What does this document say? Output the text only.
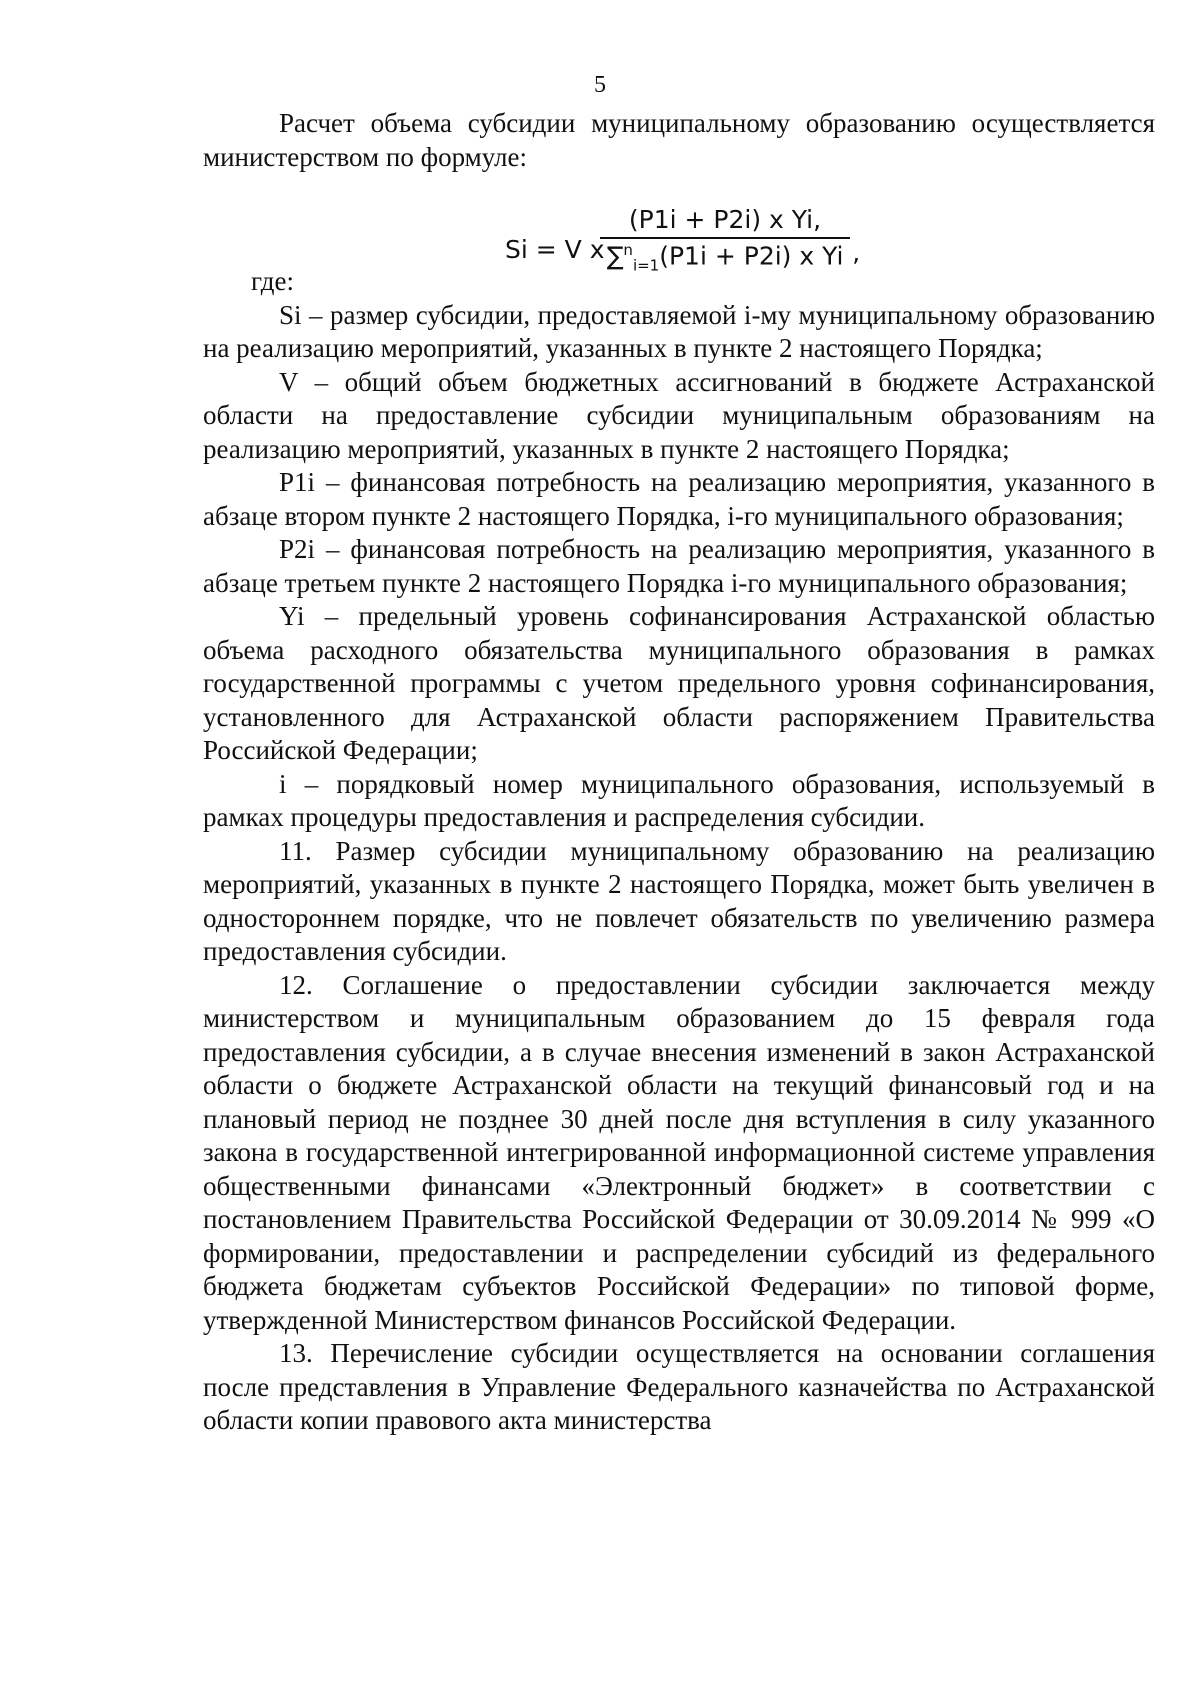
5

Расчет объема субсидии муниципальному образованию осуществляется министерством по формуле:

Si = V x
(P1i + P2i) x Yi,
∑$^n_{i=1}$(P1i + P2i) x Yi ’

где:

Si – размер субсидии, предоставляемой i-му муниципальному образованию на реализацию мероприятий, указанных в пункте 2 настоящего Порядка;

V – общий объем бюджетных ассигнований в бюджете Астраханской области на предоставление субсидии муниципальным образованиям на реализацию мероприятий, указанных в пункте 2 настоящего Порядка;

P1i – финансовая потребность на реализацию мероприятия, указанного в абзаце втором пункте 2 настоящего Порядка, i-го муниципального образования;

P2i – финансовая потребность на реализацию мероприятия, указанного в абзаце третьем пункте 2 настоящего Порядка i-го муниципального образования;

Yi – предельный уровень софинансирования Астраханской областью объема расходного обязательства муниципального образования в рамках государственной программы с учетом предельного уровня софинансирования, установленного для Астраханской области распоряжением Правительства Российской Федерации;

i – порядковый номер муниципального образования, используемый в рамках процедуры предоставления и распределения субсидии.

11. Размер субсидии муниципальному образованию на реализацию мероприятий, указанных в пункте 2 настоящего Порядка, может быть увеличен в одностороннем порядке, что не повлечет обязательств по увеличению размера предоставления субсидии.

12. Соглашение о предоставлении субсидии заключается между министерством и муниципальным образованием до 15 февраля года предоставления субсидии, а в случае внесения изменений в закон Астраханской области о бюджете Астраханской области на текущий финансовый год и на плановый период не позднее 30 дней после дня вступления в силу указанного закона в государственной интегрированной информационной системе управления общественными финансами «Электронный бюджет» в соответствии с постановлением Правительства Российской Федерации от 30.09.2014 № 999 «О формировании, предоставлении и распределении субсидий из федерального бюджета бюджетам субъектов Российской Федерации» по типовой форме, утвержденной Министерством финансов Российской Федерации.

13. Перечисление субсидии осуществляется на основании соглашения после представления в Управление Федерального казначейства по Астраханской области копии правового акта министерства
